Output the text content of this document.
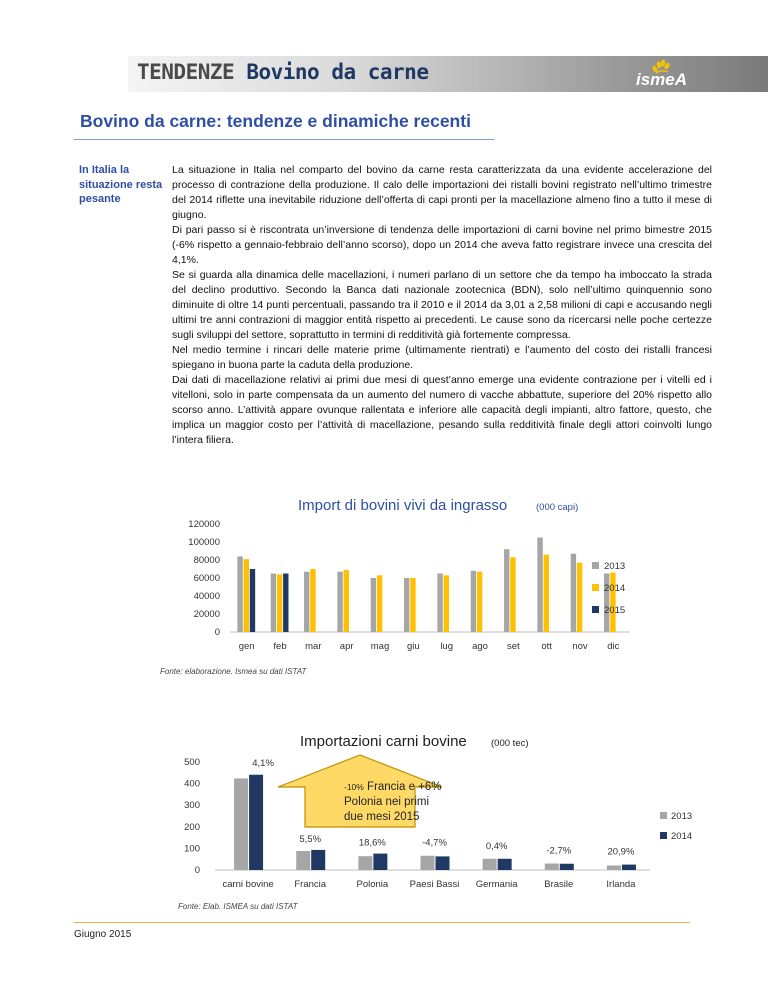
TENDENZE Bovino da carne	ismeA
Bovino da carne: tendenze e dinamiche recenti
In Italia la situazione resta pesante

La situazione in Italia nel comparto del bovino da carne resta caratterizzata da una evidente accelerazione del processo di contrazione della produzione. Il calo delle importazioni dei ristalli bovini registrato nell’ultimo trimestre del 2014 riflette una inevitabile riduzione dell’offerta di capi pronti per la macellazione almeno fino a tutto il mese di giugno.

Di pari passo si è riscontrata un’inversione di tendenza delle importazioni di carni bovine nel primo bimestre 2015 (-6% rispetto a gennaio-febbraio dell’anno scorso), dopo un 2014 che aveva fatto registrare invece una crescita del 4,1%.

Se si guarda alla dinamica delle macellazioni, i numeri parlano di un settore che da tempo ha imboccato la strada del declino produttivo. Secondo la Banca dati nazionale zootecnica (BDN), solo nell’ultimo quinquennio sono diminuite di oltre 14 punti percentuali, passando tra il 2010 e il 2014 da 3,01 a 2,58 milioni di capi e accusando negli ultimi tre anni contrazioni di maggior entità rispetto ai precedenti. Le cause sono da ricercarsi nelle poche certezze sugli sviluppi del settore, soprattutto in termini di redditività già fortemente compressa.

Nel medio termine i rincari delle materie prime (ultimamente rientrati) e l’aumento del costo dei ristalli francesi spiegano in buona parte la caduta della produzione.

Dai dati di macellazione relativi ai primi due mesi di quest’anno emerge una evidente contrazione per i vitelli ed i vitelloni, solo in parte compensata da un aumento del numero di vacche abbattute, superiore del 20% rispetto allo scorso anno. L’attività appare ovunque rallentata e inferiore alle capacità degli impianti, altro fattore, questo, che implica un maggior costo per l’attività di macellazione, pesando sulla redditività finale degli attori coinvolti lungo l’intera filiera.

Import di bovini vivi da ingrasso	(000 capi)
0
20000
40000
60000
80000
100000
120000
gen feb mar apr mag giu lug ago set ott nov dic
2013
2014
2015
Fonte: elaborazione. Ismea su dati ISTAT
Importazioni carni bovine	(000 tec)
0
100
200
300
400
500
carni bovine
4,1%
Francia
5,5%
Polonia
18,6%
Paesi Bassi
-4,7%
Germania
0,4%
Brasile
-2,7%
Irlanda
20,9%
-10% Francia e +6%
Polonia nei primi
due mesi 2015	2013
2014
Fonte: Elab. ISMEA su dati ISTAT
Giugno 2015
